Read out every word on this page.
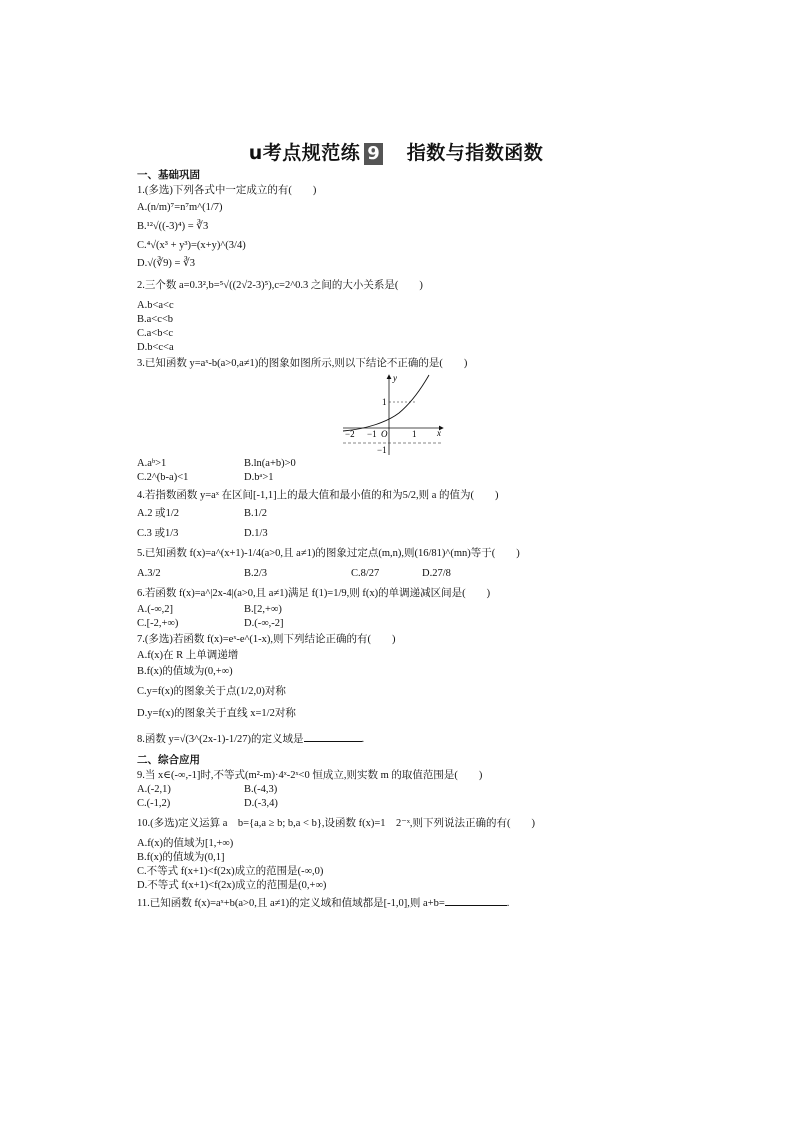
u考点规范练 9　 指数与指数函数
一、基础巩固
1.(多选)下列各式中一定成立的有(　　)
A.(n/m)⁷=n⁷m^(1/7)
B.¹²√((-3)⁴) = ∛3
C.⁴√(x³ + y³)=(x+y)^(3/4)
D.√(∛9) = ∛3
2.三个数 a=0.3²,b=⁵√((2√2-3)⁵),c=2^0.3 之间的大小关系是(　　)
A.b<a<c
B.a<c<b
C.a<b<c
D.b<c<a
3.已知函数 y=aˣ-b(a>0,a≠1)的图象如图所示,则以下结论不正确的是(　　)
y
x
O	1
−1
−2
1
−1
A.aᵇ>1	B.ln(a+b)>0
C.2^(b-a)<1	D.bᵃ>1
4.若指数函数 y=aˣ 在区间[-1,1]上的最大值和最小值的和为5/2,则 a 的值为(　　)
A.2 或1/2	B.1/2
C.3 或1/3	D.1/3
5.已知函数 f(x)=a^(x+1)-1/4(a>0,且 a≠1)的图象过定点(m,n),则(16/81)^(mn)等于(　　)
A.3/2	B.2/3	C.8/27	D.27/8
6.若函数 f(x)=a^|2x-4|(a>0,且 a≠1)满足 f(1)=1/9,则 f(x)的单调递减区间是(　　)
A.(-∞,2]	B.[2,+∞)
C.[-2,+∞)	D.(-∞,-2]
7.(多选)若函数 f(x)=eˣ-e^(1-x),则下列结论正确的有(　　)
A.f(x)在 R 上单调递增
B.f(x)的值域为(0,+∞)
C.y=f(x)的图象关于点(1/2,0)对称
D.y=f(x)的图象关于直线 x=1/2对称
8.函数 y=√(3^(2x-1)-1/27)的定义域是	.
二、综合应用
9.当 x∈(-∞,-1]时,不等式(m²-m)·4ˣ-2ˣ<0 恒成立,则实数 m 的取值范围是(　　)
A.(-2,1)	B.(-4,3)
C.(-1,2)	D.(-3,4)
10.(多选)定义运算 a　b={a,a ≥ b; b,a < b},设函数 f(x)=1　2⁻ˣ,则下列说法正确的有(　　)
A.f(x)的值域为[1,+∞)
B.f(x)的值域为(0,1]
C.不等式 f(x+1)<f(2x)成立的范围是(-∞,0)
D.不等式 f(x+1)<f(2x)成立的范围是(0,+∞)
11.已知函数 f(x)=aˣ+b(a>0,且 a≠1)的定义域和值域都是[-1,0],则 a+b=	.
